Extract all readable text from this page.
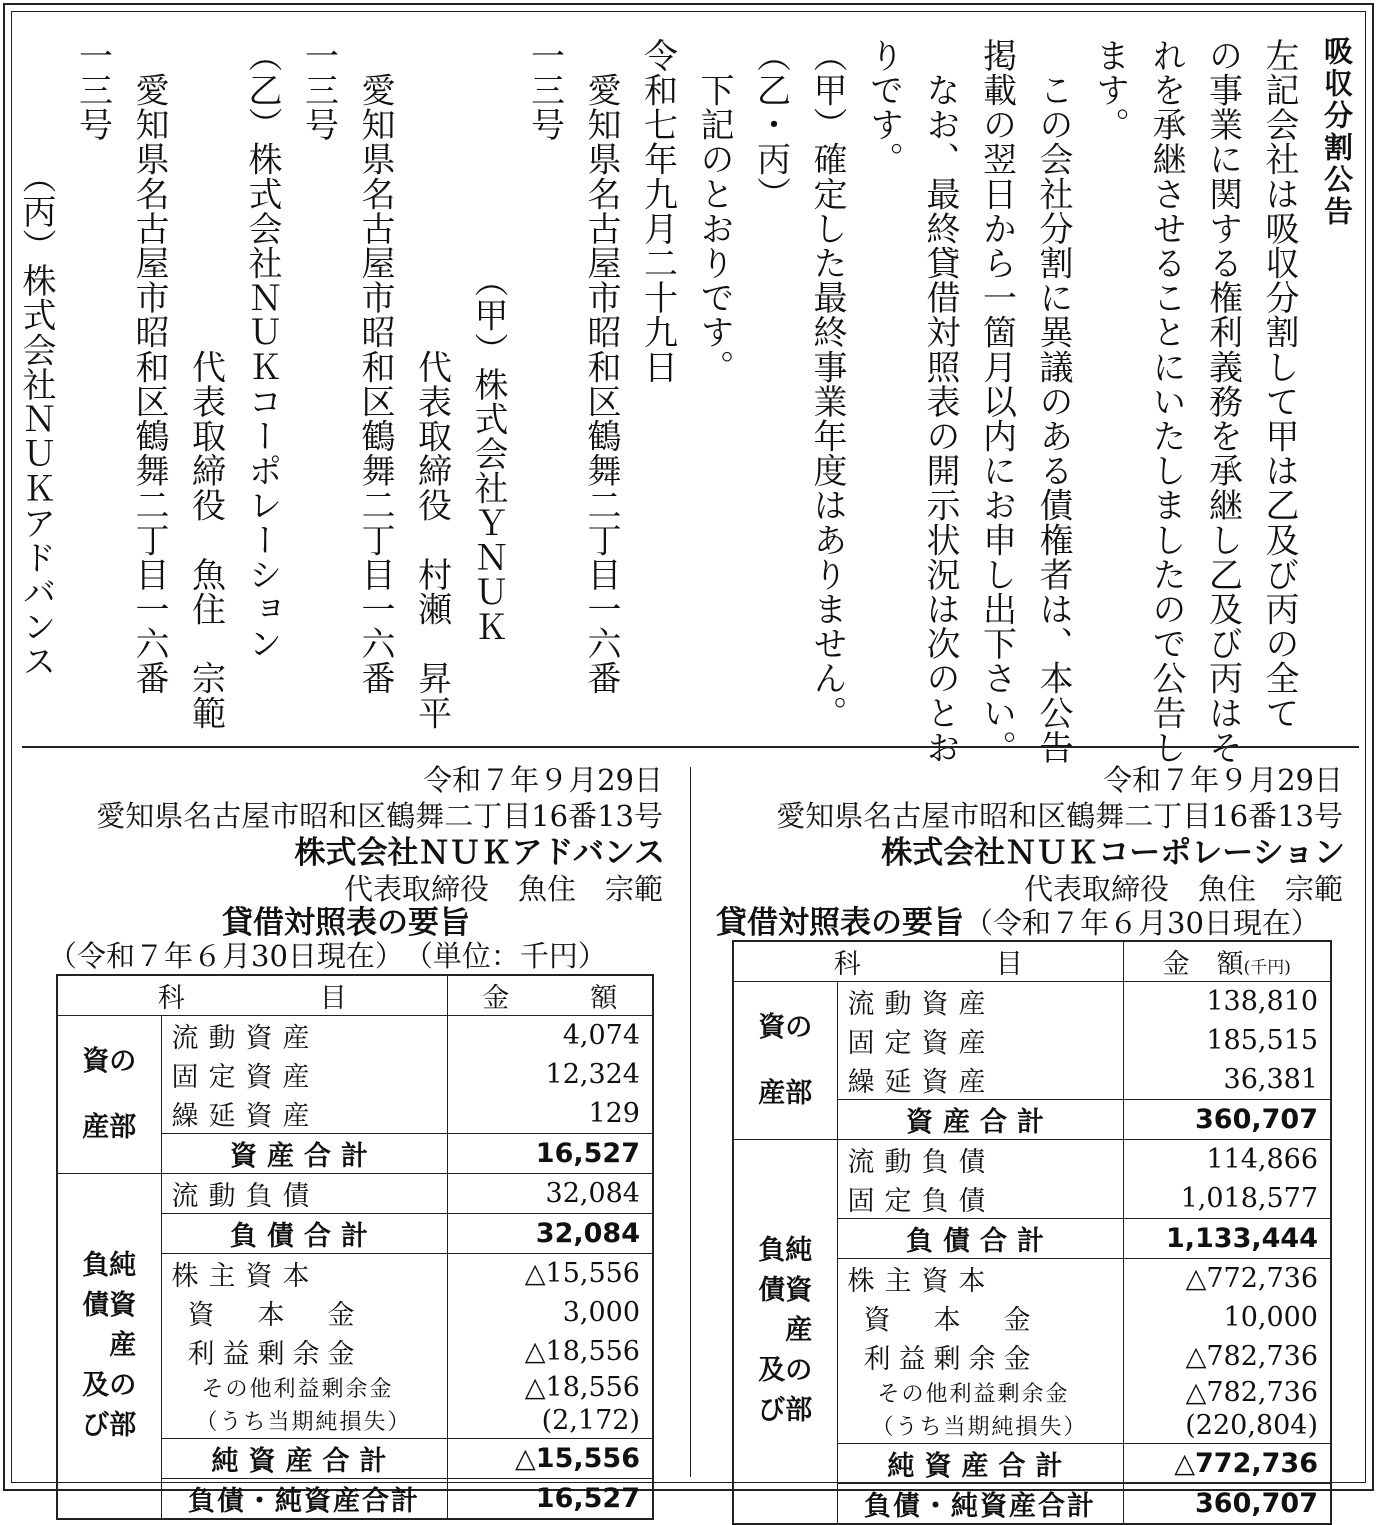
吸収分割公告
左記会社は吸収分割して甲は乙及び丙の全て
の事業に関する権利義務を承継し乙及び丙はそ
れを承継させることにいたしましたので公告し
ます。
　この会社分割に異議のある債権者は、本公告
掲載の翌日から一箇月以内にお申し出下さい。
　なお、最終貸借対照表の開示状況は次のとお
りです。
（甲）確定した最終事業年度はありません。
（乙・丙）
　下記のとおりです。
令和七年九月二十九日
　愛知県名古屋市昭和区鶴舞二丁目一六番
一三号
　　　　　　　（甲）株式会社ＹＮＵＫ
　　　　　　　　　代表取締役　村瀬　昇平
　愛知県名古屋市昭和区鶴舞二丁目一六番
一三号
（乙）株式会社ＮＵＫコーポレーション
　　　　　　　　　代表取締役　魚住　宗範
　愛知県名古屋市昭和区鶴舞二丁目一六番
一三号
　　　　（丙）株式会社ＮＵＫアドバンス
令和７年９月29日
愛知県名古屋市昭和区鶴舞二丁目16番13号
株式会社ＮＵＫアドバンス
代表取締役　魚住　宗範
貸借対照表の要旨
（令和７年６月30日現在）　（単位：千円）
令和７年９月29日
愛知県名古屋市昭和区鶴舞二丁目16番13号
株式会社ＮＵＫコーポレーション
代表取締役　魚住　宗範
貸借対照表の要旨（令和７年６月30日現在）
科　　　　　目		金　　　額

資の
産部	流動資産	4,074
	固定資産	12,324
	繰延資産	129
	資産合計	16,527

負純
債資
　産
及の
び部	流動負債	32,084
	負債合計	32,084
	株主資本	△15,556
	資　本　金	3,000
	利益剰余金	△18,556
	その他利益剰余金	△18,556
	（うち当期純損失）	(2,172)
	純資産合計	△15,556
	負債・純資産合計	16,527
科　　　　　目		金　額(千円)

資の
産部	流動資産	138,810
	固定資産	185,515
	繰延資産	36,381
	資産合計	360,707

負純
債資
　産
及の
び部	流動負債	114,866
	固定負債	1,018,577
	負債合計	1,133,444
	株主資本	△772,736
	資　本　金	10,000
	利益剰余金	△782,736
	その他利益剰余金	△782,736
	（うち当期純損失）	(220,804)
	純資産合計	△772,736
	負債・純資産合計	360,707
